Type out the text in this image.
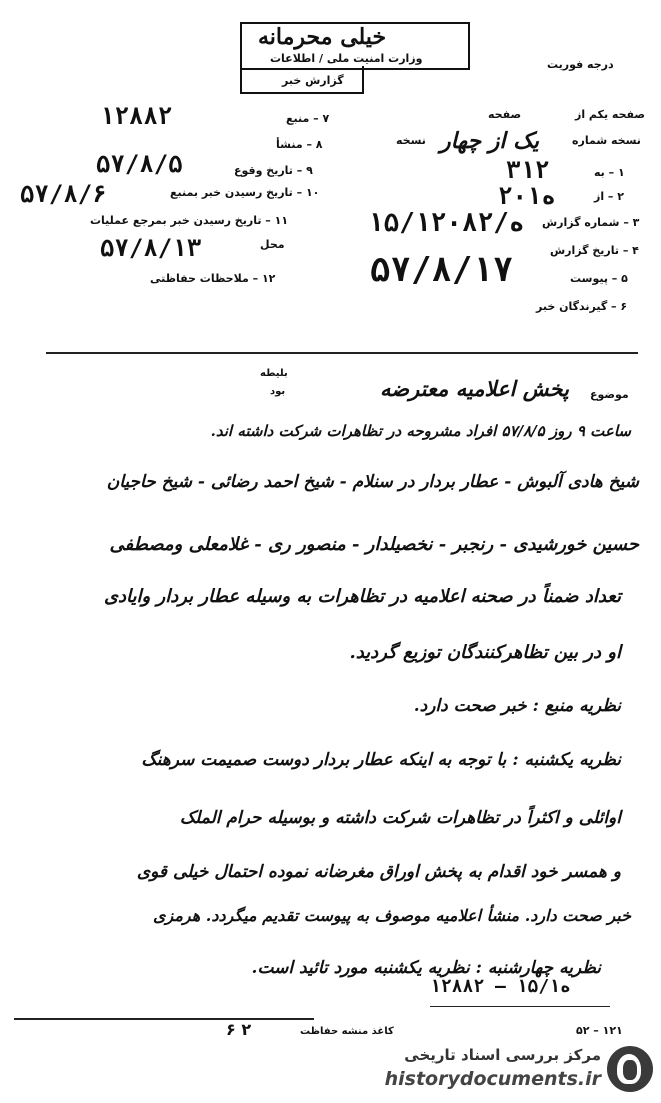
خیلی محرمانه
وزارت امنیت ملی / اطلاعات
گزارش خبر
درجه فوریت
۷ – منبع
۱۲۸۸۲
۸ – منشأ
۹ – تاریخ وقوع
۵۷/۸/۵
۱۰ – تاریخ رسیدن خبر بمنبع
۵۷/۸/۶
۱۱ – تاریخ رسیدن خبر بمرجع عملیات
محل
۵۷/۸/۱۳
۱۲ – ملاحظات حفاظتی
صفحه یکم از
صفحه
نسخه شماره
یک از چهار
نسخه
۱ – به
۳۱۲
۲ – از
۲۰ه۱
۳ – شماره گزارش
۱۵/۱ه/۲۰۸۲
۴ – تاریخ گزارش
۵۷/۸/۱۷	۵ – پیوست
۶ – گیرندگان خبر
موضوع
پخش اعلامیه معترضه
بلیطه
بود
ساعت ۹ روز ۵۷/۸/۵ افراد مشروحه در تظاهرات شرکت داشته اند.
شیخ هادی آلبوش - عطار بردار در سنلام - شیخ احمد رضائی - شیخ حاجیان
حسین خورشیدی - رنجبر - نخصیلدار - منصور ری - غلامعلی ومصطفی
تعداد ضمناً در صحنه اعلامیه در تظاهرات به وسیله عطار بردار وایادی
او در بین تظاهرکنندگان توزیع گردید.
نظریه منبع : خبر صحت دارد.
نظریه یکشنبه : با توجه به اینکه عطار بردار دوست صمیمت سرهنگ
اوائلی و اکثراً در تظاهرات شرکت داشته و بوسیله حرام الملک
و همسر خود اقدام به پخش اوراق مغرضانه نموده احتمال خیلی قوی
خبر صحت دارد. منشأ اعلامیه موصوف به پیوست تقدیم میگردد. هرمزی
نظریه چهارشنبه : نظریه یکشنبه مورد تائید است.
۱۲۸۸۲ – ۱۵/۱ه
۲ ۶	کاغذ منشه حفاظت	۱۲۱ – ۵۲
مرکز بررسی اسناد تاریخی
historydocuments.ir
